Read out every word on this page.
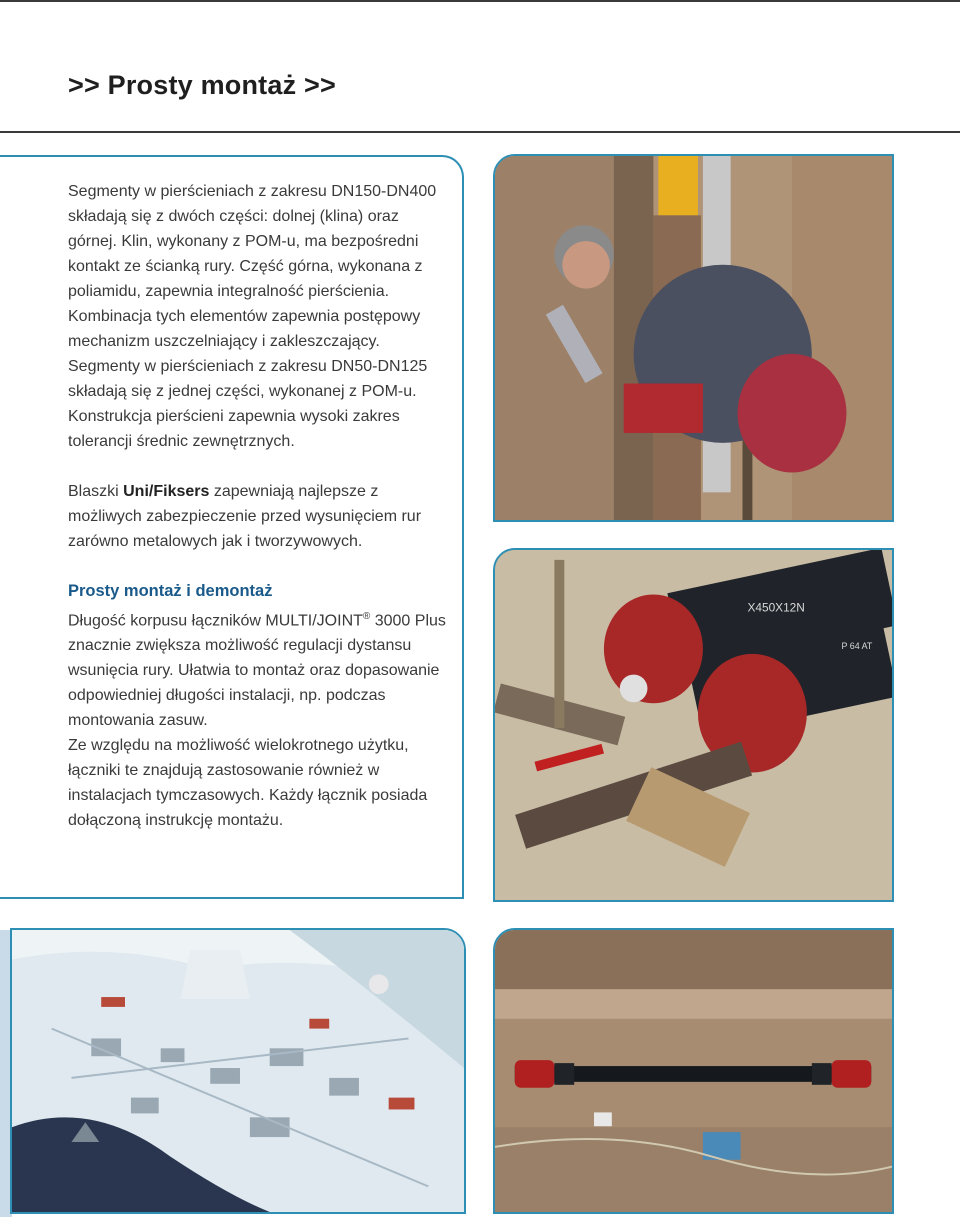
>> Prosty montaż >>

Segmenty w pierścieniach z zakresu DN150-DN400 składają się z dwóch części: dolnej (klina) oraz górnej. Klin, wykonany z POM-u, ma bezpośredni kontakt ze ścianką rury. Część górna, wykonana z poliamidu, zapewnia integralność pierścienia. Kombinacja tych elementów zapewnia postępowy mechanizm uszczelniający i zakleszczający. Segmenty w pierścieniach z zakresu DN50-DN125 składają się z jednej części, wykonanej z POM-u. Konstrukcja pierścieni zapewnia wysoki zakres tolerancji średnic zewnętrznych.

Blaszki Uni/Fiksers zapewniają najlepsze z możliwych zabezpieczenie przed wysunięciem rur zarówno metalowych jak i tworzywowych.

Prosty montaż i demontaż
Długość korpusu łączników MULTI/JOINT® 3000 Plus znacznie zwiększa możliwość regulacji dystansu wsunięcia rury. Ułatwia to montaż oraz dopasowanie odpowiedniej długości instalacji, np. podczas montowania zasuw.

Ze względu na możliwość wielokrotnego użytku, łączniki te znajdują zastosowanie również w instalacjach tymczasowych. Każdy łącznik posiada dołączoną instrukcję montażu.

X450X12N
P 64 AT
